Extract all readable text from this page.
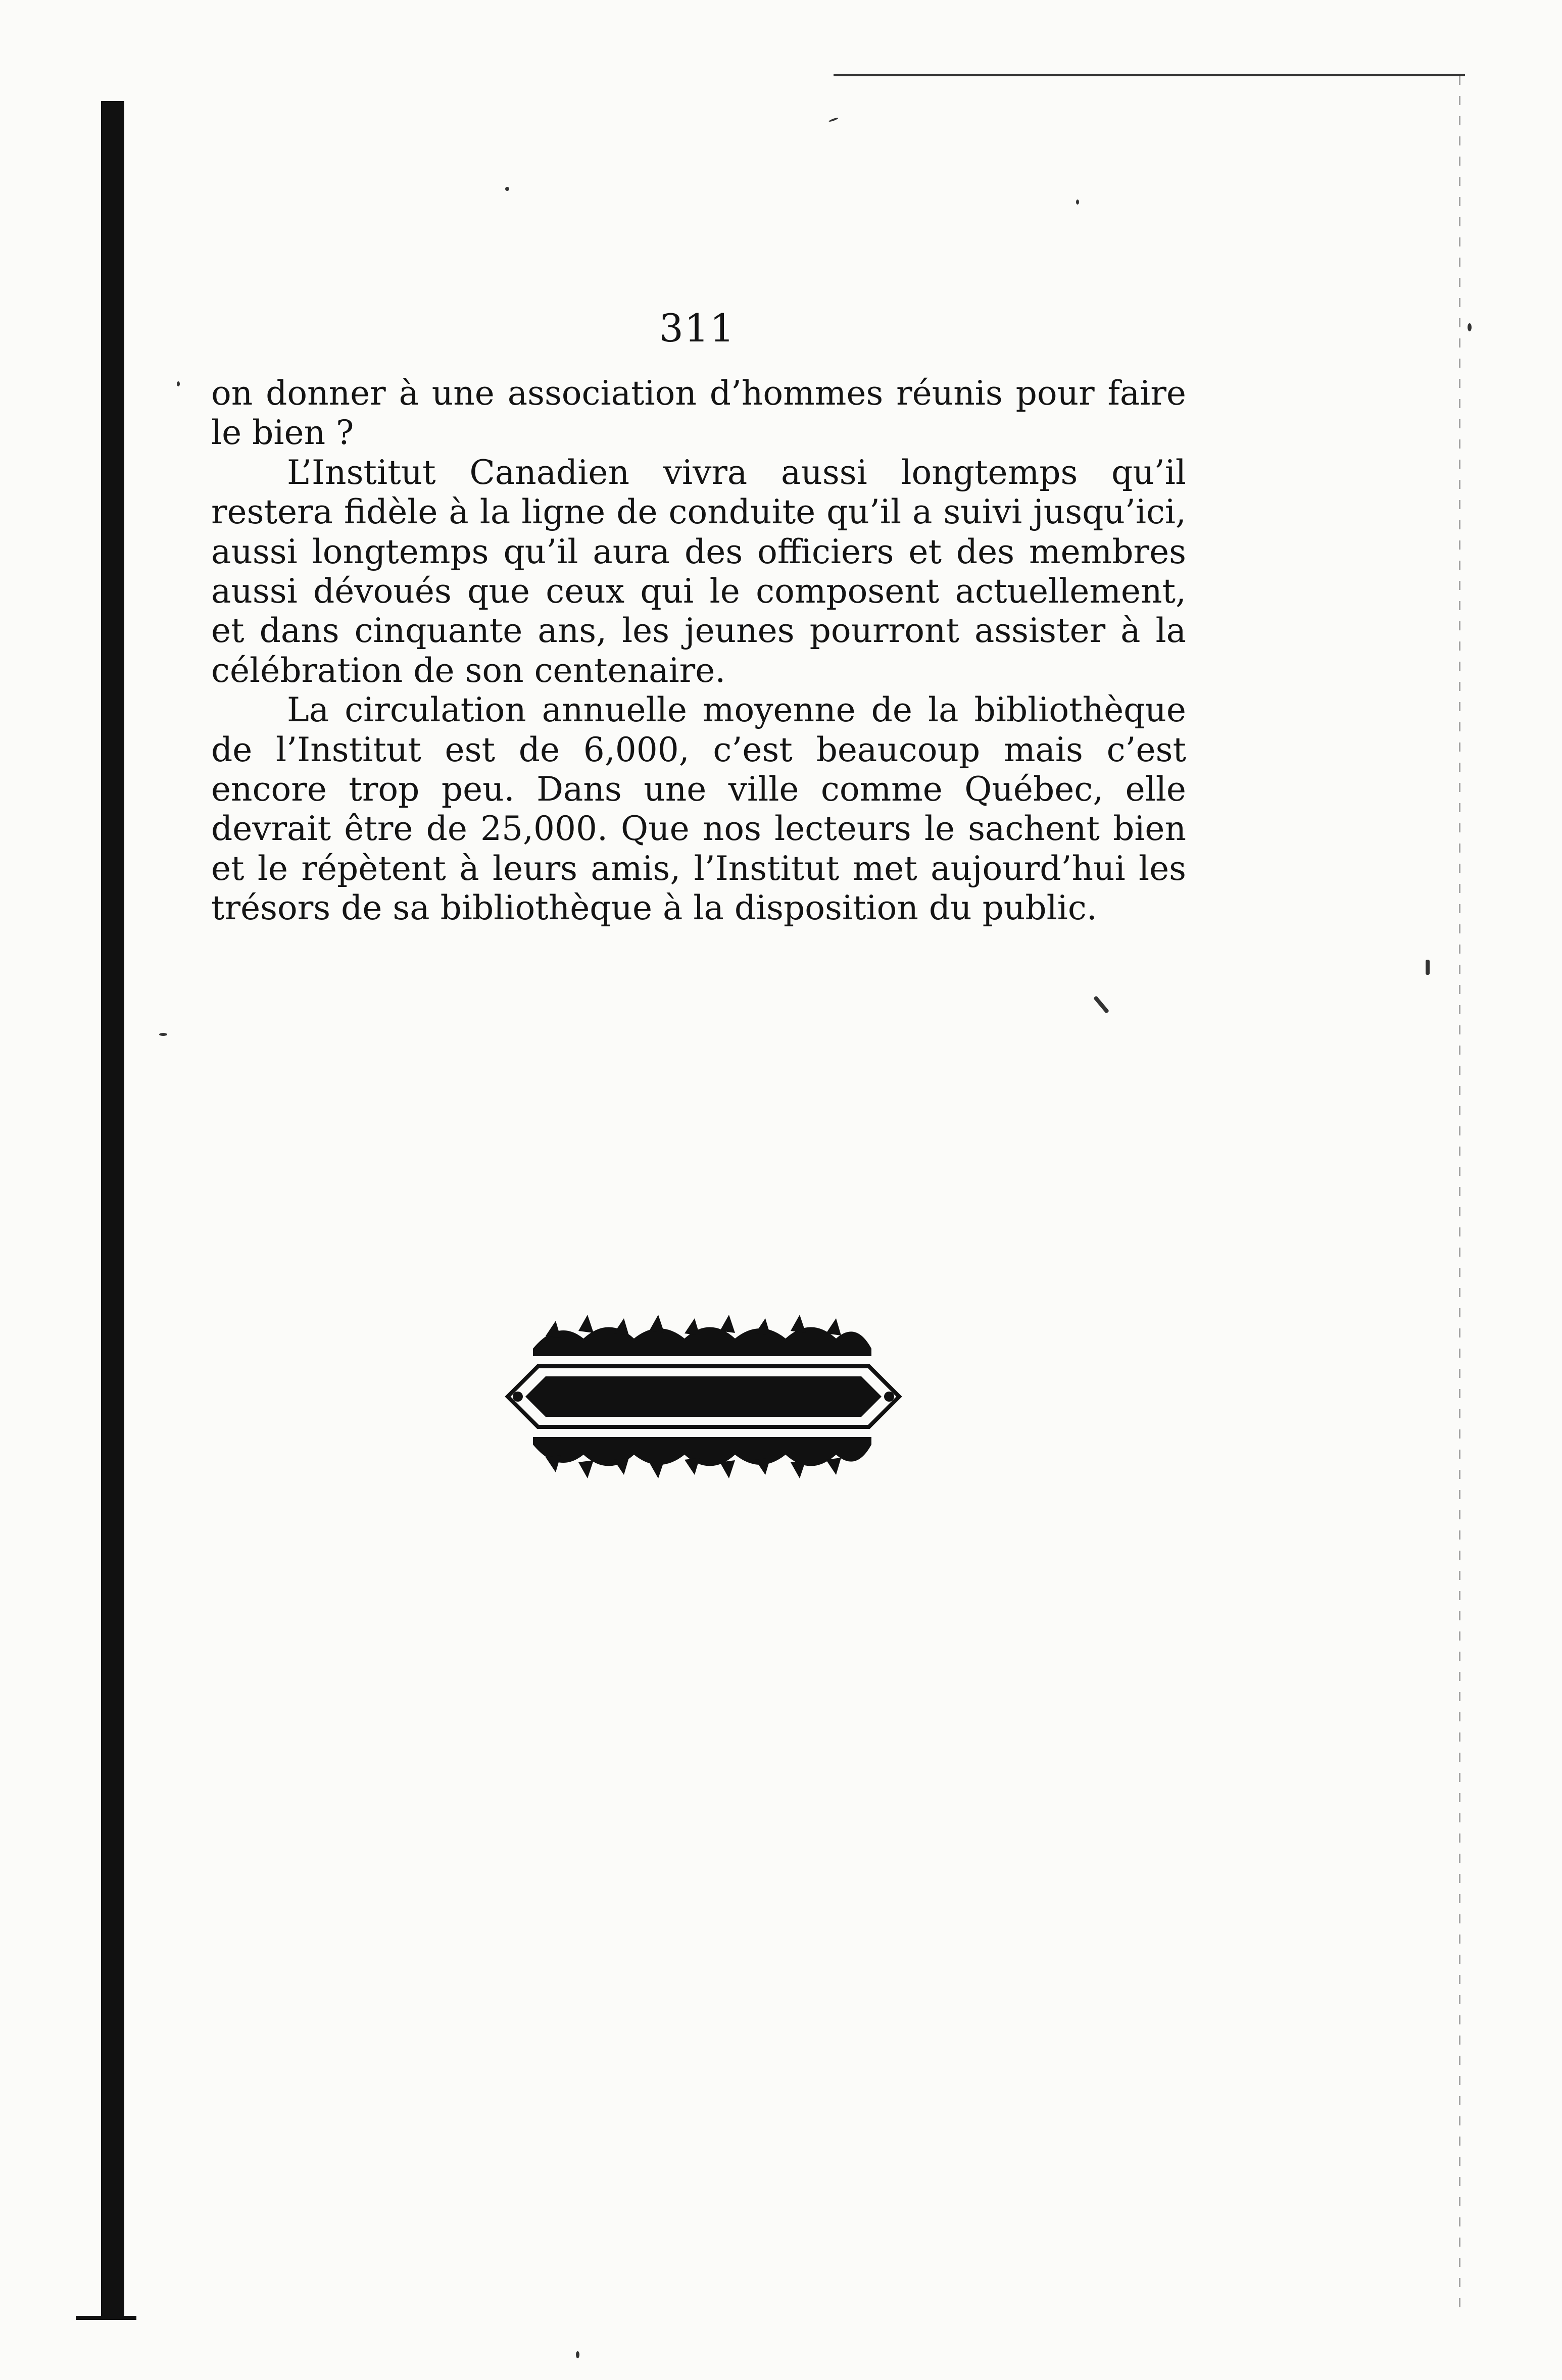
311

on donner à une association d’hommes réunis pour faire le bien ?

L’Institut Canadien vivra aussi longtemps qu’il restera fidèle à la ligne de conduite qu’il a suivi jusqu’ici, aussi longtemps qu’il aura des officiers et des membres aussi dévoués que ceux qui le composent actuellement, et dans cinquante ans, les jeunes pourront assister à la célébration de son centenaire.

La circulation annuelle moyenne de la bibliothèque de l’Institut est de 6,000, c’est beaucoup mais c’est encore trop peu. Dans une ville comme Québec, elle devrait être de 25,000. Que nos lecteurs le sachent bien et le répètent à leurs amis, l’Institut met aujourd’hui les trésors de sa bibliothèque à la disposition du public.
